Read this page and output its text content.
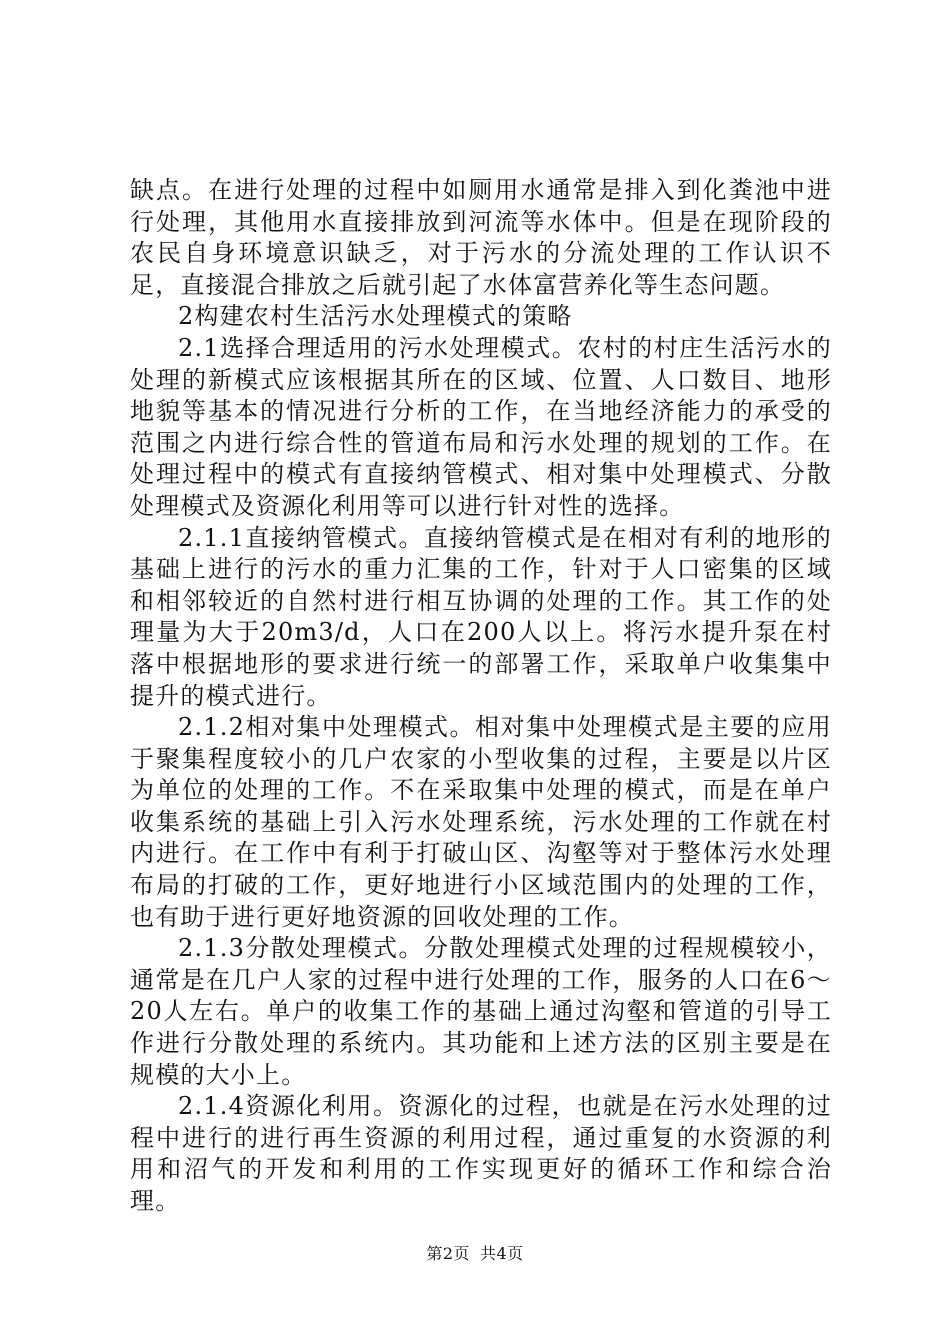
缺点。在进行处理的过程中如厕用水通常是排入到化粪池中进行处理，其他用水直接排放到河流等水体中。但是在现阶段的农民自身环境意识缺乏，对于污水的分流处理的工作认识不足，直接混合排放之后就引起了水体富营养化等生态问题。

2构建农村生活污水处理模式的策略

2.1选择合理适用的污水处理模式。农村的村庄生活污水的处理的新模式应该根据其所在的区域、位置、人口数目、地形地貌等基本的情况进行分析的工作，在当地经济能力的承受的范围之内进行综合性的管道布局和污水处理的规划的工作。在处理过程中的模式有直接纳管模式、相对集中处理模式、分散处理模式及资源化利用等可以进行针对性的选择。

2.1.1直接纳管模式。直接纳管模式是在相对有利的地形的基础上进行的污水的重力汇集的工作，针对于人口密集的区域和相邻较近的自然村进行相互协调的处理的工作。其工作的处理量为大于20m3/d，人口在200人以上。将污水提升泵在村落中根据地形的要求进行统一的部署工作，采取单户收集集中提升的模式进行。

2.1.2相对集中处理模式。相对集中处理模式是主要的应用于聚集程度较小的几户农家的小型收集的过程，主要是以片区为单位的处理的工作。不在采取集中处理的模式，而是在单户收集系统的基础上引入污水处理系统，污水处理的工作就在村内进行。在工作中有利于打破山区、沟壑等对于整体污水处理布局的打破的工作，更好地进行小区域范围内的处理的工作，也有助于进行更好地资源的回收处理的工作。

2.1.3分散处理模式。分散处理模式处理的过程规模较小，通常是在几户人家的过程中进行处理的工作，服务的人口在6～20人左右。单户的收集工作的基础上通过沟壑和管道的引导工作进行分散处理的系统内。其功能和上述方法的区别主要是在规模的大小上。

2.1.4资源化利用。资源化的过程，也就是在污水处理的过程中进行的进行再生资源的利用过程，通过重复的水资源的利用和沼气的开发和利用的工作实现更好的循环工作和综合治理。

第2页 共4页
